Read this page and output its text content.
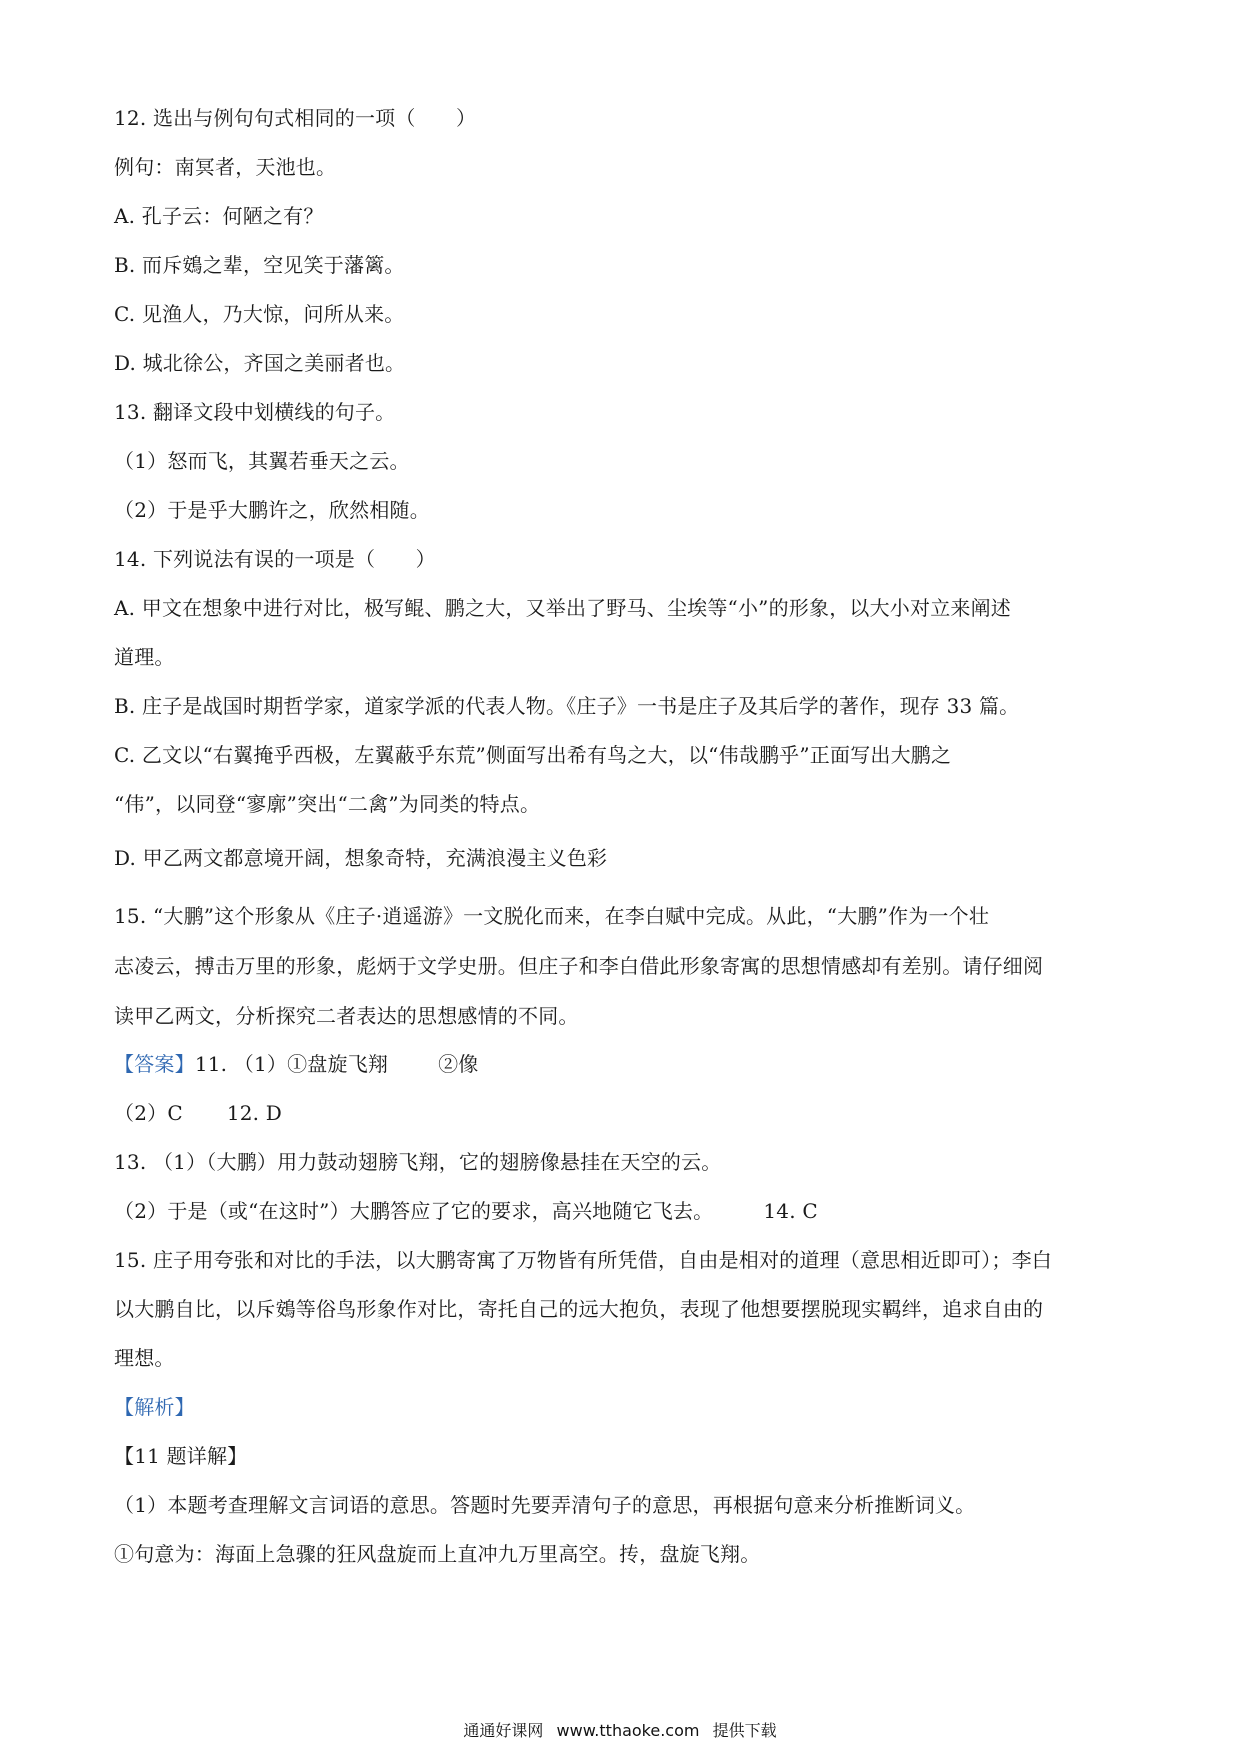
12. 选出与例句句式相同的一项（　　）
例句：南冥者，天池也。
A. 孔子云：何陋之有？
B. 而斥鴳之辈，空见笑于藩篱。
C. 见渔人，乃大惊，问所从来。
D. 城北徐公，齐国之美丽者也。
13. 翻译文段中划横线的句子。
（1）怒而飞，其翼若垂天之云。
（2）于是乎大鹏许之，欣然相随。
14. 下列说法有误的一项是（　　）
A. 甲文在想象中进行对比，极写鲲、鹏之大，又举出了野马、尘埃等“小”的形象，以大小对立来阐述
道理。
B. 庄子是战国时期哲学家，道家学派的代表人物。《庄子》一书是庄子及其后学的著作，现存 33 篇。
C. 乙文以“右翼掩乎西极，左翼蔽乎东荒”侧面写出希有鸟之大，以“伟哉鹏乎”正面写出大鹏之
“伟”，以同登“寥廓”突出“二禽”为同类的特点。
D. 甲乙两文都意境开阔，想象奇特，充满浪漫主义色彩
15. “大鹏”这个形象从《庄子·逍遥游》一文脱化而来，在李白赋中完成。从此，“大鹏”作为一个壮
志凌云，搏击万里的形象，彪炳于文学史册。但庄子和李白借此形象寄寓的思想情感却有差别。请仔细阅
读甲乙两文，分析探究二者表达的思想感情的不同。
【答案】11. （1）①盘旋飞翔	②像
（2）C 12. D
13. （1）（大鹏）用力鼓动翅膀飞翔，它的翅膀像悬挂在天空的云。
（2）于是（或“在这时”）大鹏答应了它的要求，高兴地随它飞去。	14. C
15. 庄子用夸张和对比的手法，以大鹏寄寓了万物皆有所凭借，自由是相对的道理（意思相近即可）；李白
以大鹏自比，以斥鴳等俗鸟形象作对比，寄托自己的远大抱负，表现了他想要摆脱现实羁绊，追求自由的
理想。
【解析】
【11 题详解】
（1）本题考查理解文言词语的意思。答题时先要弄清句子的意思，再根据句意来分析推断词义。
①句意为：海面上急骤的狂风盘旋而上直冲九万里高空。抟，盘旋飞翔。
通通好课网 www.tthaoke.com 提供下载
